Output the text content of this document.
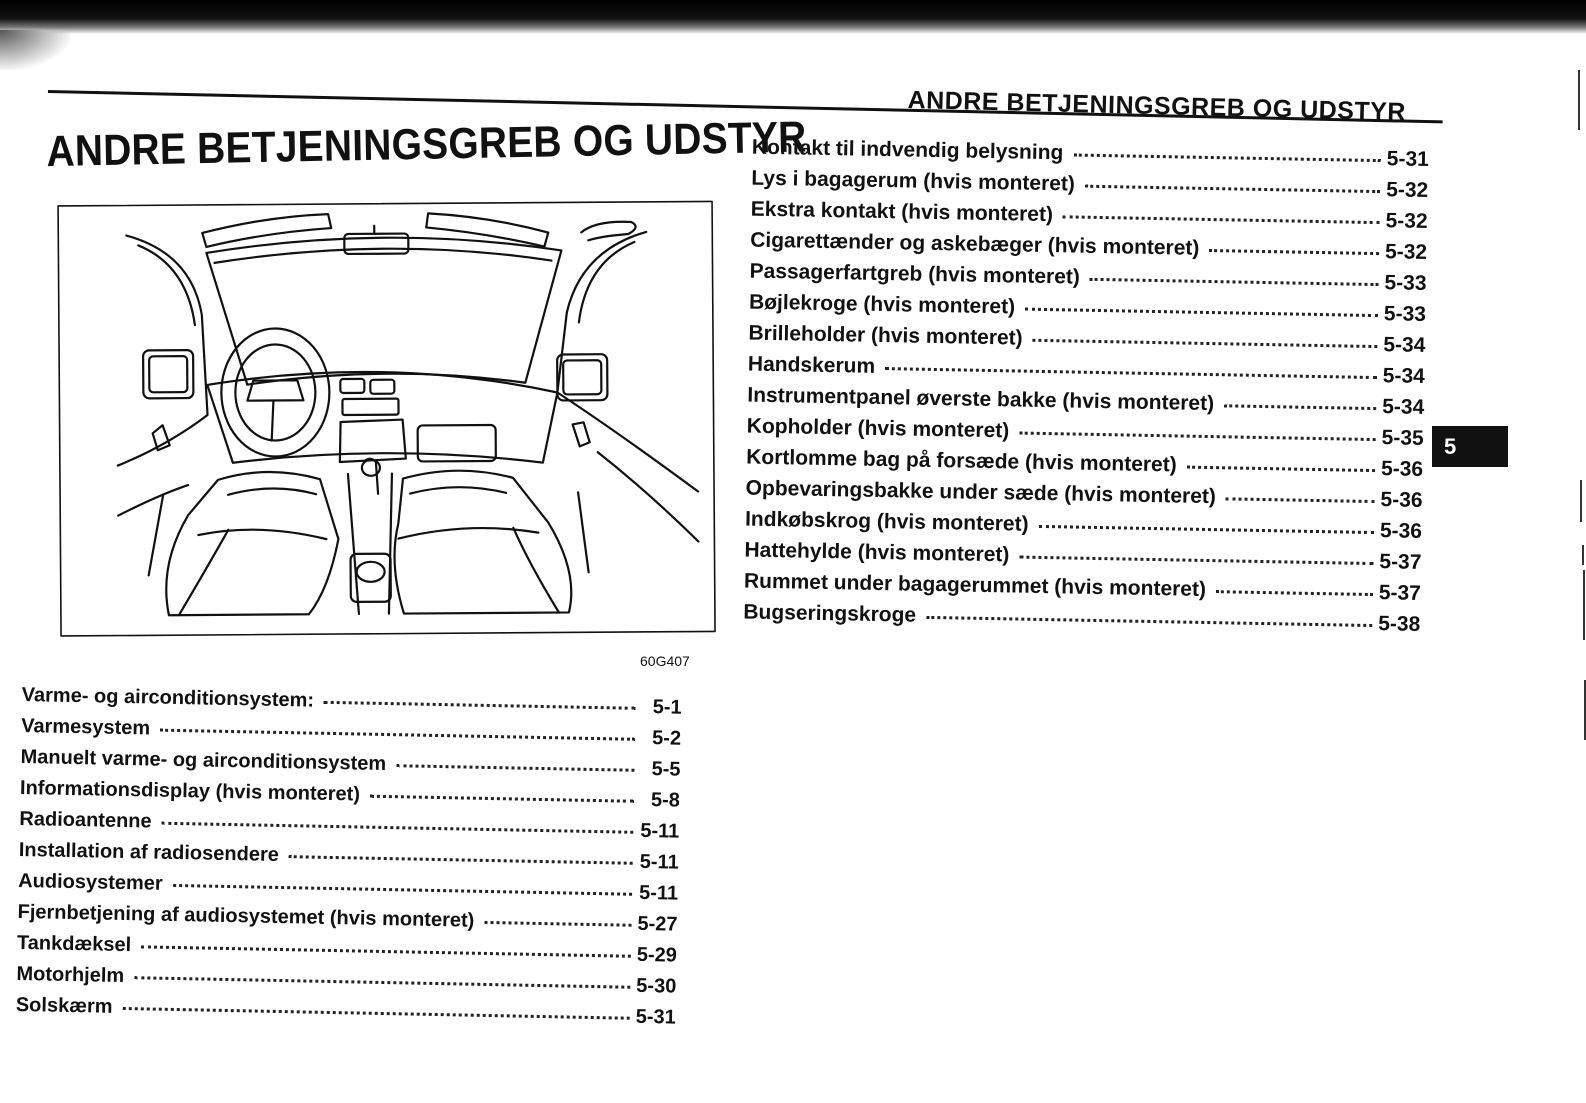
ANDRE BETJENINGSGREB OG UDSTYR
ANDRE BETJENINGSGREB OG UDSTYR
60G407
Varme- og airconditionsystem:	5-1
Varmesystem	5-2
Manuelt varme- og airconditionsystem	5-5
Informationsdisplay (hvis monteret)	5-8
Radioantenne	5-11
Installation af radiosendere	5-11
Audiosystemer	5-11
Fjernbetjening af audiosystemet (hvis monteret)	5-27
Tankdæksel	5-29
Motorhjelm	5-30
Solskærm	5-31
Kontakt til indvendig belysning	5-31
Lys i bagagerum (hvis monteret)	5-32
Ekstra kontakt (hvis monteret)	5-32
Cigarettænder og askebæger (hvis monteret)	5-32
Passagerfartgreb (hvis monteret)	5-33
Bøjlekroge (hvis monteret)	5-33
Brilleholder (hvis monteret)	5-34
Handskerum	5-34
Instrumentpanel øverste bakke (hvis monteret)	5-34
Kopholder (hvis monteret)	5-35
Kortlomme bag på forsæde (hvis monteret)	5-36
Opbevaringsbakke under sæde (hvis monteret)	5-36
Indkøbskrog (hvis monteret)	5-36
Hattehylde (hvis monteret)	5-37
Rummet under bagagerummet (hvis monteret)	5-37
Bugseringskroge	5-38
5
